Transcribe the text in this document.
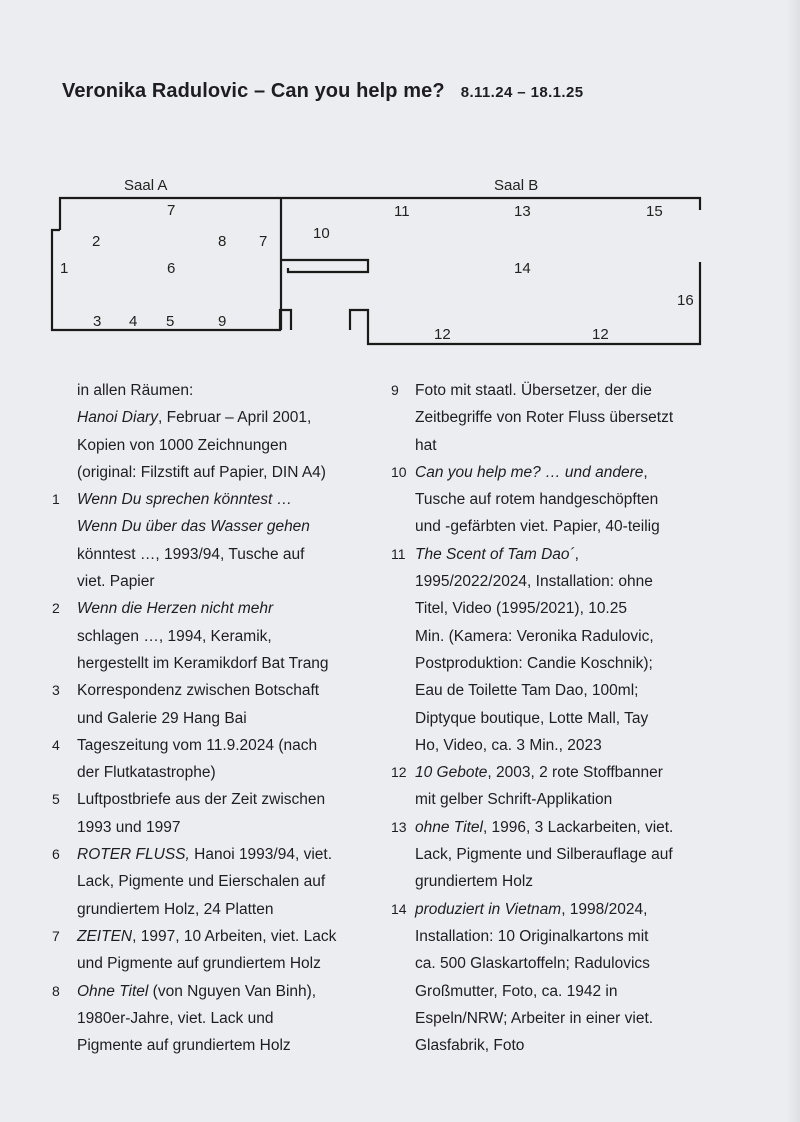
Veronika Radulovic – Can you help me? 8.11.24 – 18.1.25
Saal A	Saal B
7
2	8 7
1	6
3 4 5	9
10
11	13	15
14
16
12	12

in allen Räumen:

Hanoi Diary, Februar – April 2001,

Kopien von 1000 Zeichnungen

(original: Filzstift auf Papier, DIN A4)

1	Wenn Du sprechen könntest …

Wenn Du über das Wasser gehen

könntest …, 1993/94, Tusche auf

viet. Papier

2	Wenn die Herzen nicht mehr

schlagen …, 1994, Keramik,

hergestellt im Keramikdorf Bat Trang

3	Korrespondenz zwischen Botschaft

und Galerie 29 Hang Bai

4	Tageszeitung vom 11.9.2024 (nach

der Flutkatastrophe)

5	Luftpostbriefe aus der Zeit zwischen

1993 und 1997

6	ROTER FLUSS, Hanoi 1993/94, viet.

Lack, Pigmente und Eierschalen auf

grundiertem Holz, 24 Platten

7	ZEITEN, 1997, 10 Arbeiten, viet. Lack

und Pigmente auf grundiertem Holz

8	Ohne Titel (von Nguyen Van Binh),

1980er-Jahre, viet. Lack und

Pigmente auf grundiertem Holz

9	Foto mit staatl. Übersetzer, der die

Zeitbegriffe von Roter Fluss übersetzt

hat

10 Can you help me? … und andere,

Tusche auf rotem handgeschöpften

und -gefärbten viet. Papier, 40-teilig

11 The Scent of Tam Dao´,

1995/2022/2024, Installation: ohne

Titel, Video (1995/2021), 10.25

Min. (Kamera: Veronika Radulovic,

Postproduktion: Candie Koschnik);

Eau de Toilette Tam Dao, 100ml;

Diptyque boutique, Lotte Mall, Tay

Ho, Video, ca. 3 Min., 2023

12 10 Gebote, 2003, 2 rote Stoffbanner

mit gelber Schrift-Applikation

13 ohne Titel, 1996, 3 Lackarbeiten, viet.

Lack, Pigmente und Silberauflage auf

grundiertem Holz

14 produziert in Vietnam, 1998/2024,

Installation: 10 Originalkartons mit

ca. 500 Glaskartoffeln; Radulovics

Großmutter, Foto, ca. 1942 in

Espeln/NRW; Arbeiter in einer viet.

Glasfabrik, Foto
